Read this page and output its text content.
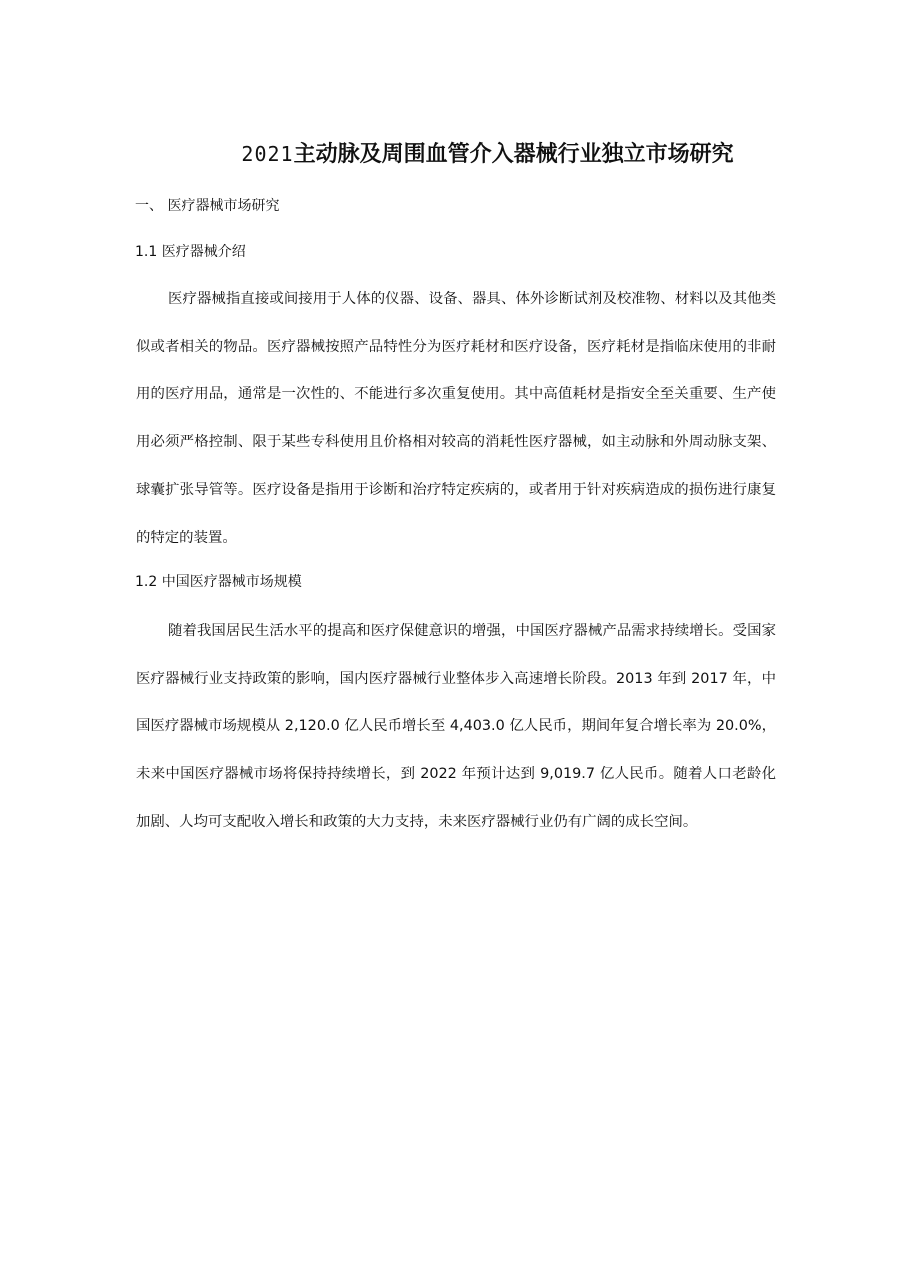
2021主动脉及周围血管介入器械行业独立市场研究
一、 医疗器械市场研究
1.1 医疗器械介绍

医疗器械指直接或间接用于人体的仪器、设备、器具、体外诊断试剂及校准物、材料以及其他类似或者相关的物品。医疗器械按照产品特性分为医疗耗材和医疗设备，医疗耗材是指临床使用的非耐用的医疗用品，通常是一次性的、不能进行多次重复使用。其中高值耗材是指安全至关重要、生产使用必须严格控制、限于某些专科使用且价格相对较高的消耗性医疗器械，如主动脉和外周动脉支架、球囊扩张导管等。医疗设备是指用于诊断和治疗特定疾病的，或者用于针对疾病造成的损伤进行康复的特定的装置。

1.2 中国医疗器械市场规模

随着我国居民生活水平的提高和医疗保健意识的增强，中国医疗器械产品需求持续增长。受国家医疗器械行业支持政策的影响，国内医疗器械行业整体步入高速增长阶段。2013 年到 2017 年，中国医疗器械市场规模从 2,120.0 亿人民币增长至 4,403.0 亿人民币，期间年复合增长率为 20.0%，未来中国医疗器械市场将保持持续增长，到 2022 年预计达到 9,019.7 亿人民币。随着人口老龄化加剧、人均可支配收入增长和政策的大力支持，未来医疗器械行业仍有广阔的成长空间。
